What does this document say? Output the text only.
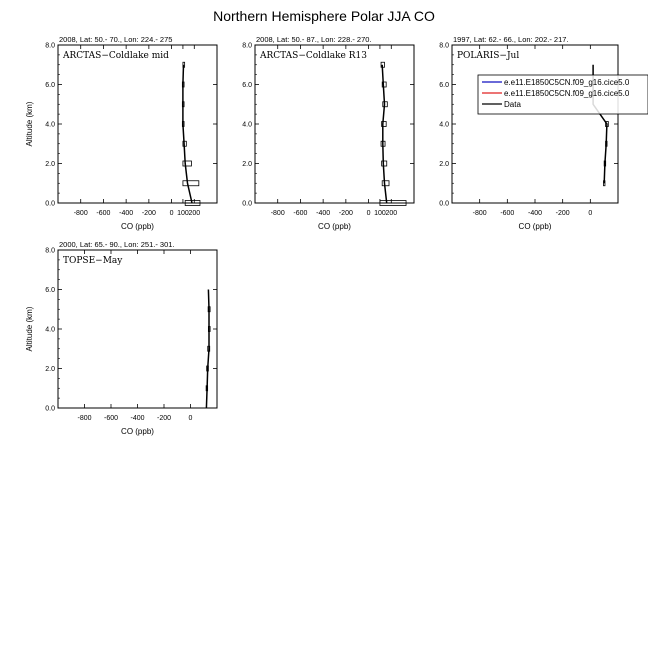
Northern Hemisphere Polar JJA CO
2008, Lat: 50.- 70., Lon: 224.- 275
-800 -600 -400 -200 0 100 200
0.0
2.0
4.0
6.0
8.0
CO (ppb)
Altitude (km)
ARCTAS−Coldlake mid
2008, Lat: 50.- 87., Lon: 228.- 270.
-800 -600 -400 -200 0 100 200
0.0
2.0
4.0
6.0
8.0
CO (ppb)
ARCTAS−Coldlake R13
1997, Lat: 62.- 66., Lon: 202.- 217.
-800 -600 -400 -200	0
0.0
2.0
4.0
6.0
8.0
CO (ppb)
POLARIS−Jul
e.e11.E1850C5CN.f09_g16.cice5.0
e.e11.E1850C5CN.f09_g16.cice5.0
Data
2000, Lat: 65.- 90., Lon: 251.- 301.
-800 -600 -400 -200	0
0.0
2.0
4.0
6.0
8.0
CO (ppb)
Altitude (km)
TOPSE−May
